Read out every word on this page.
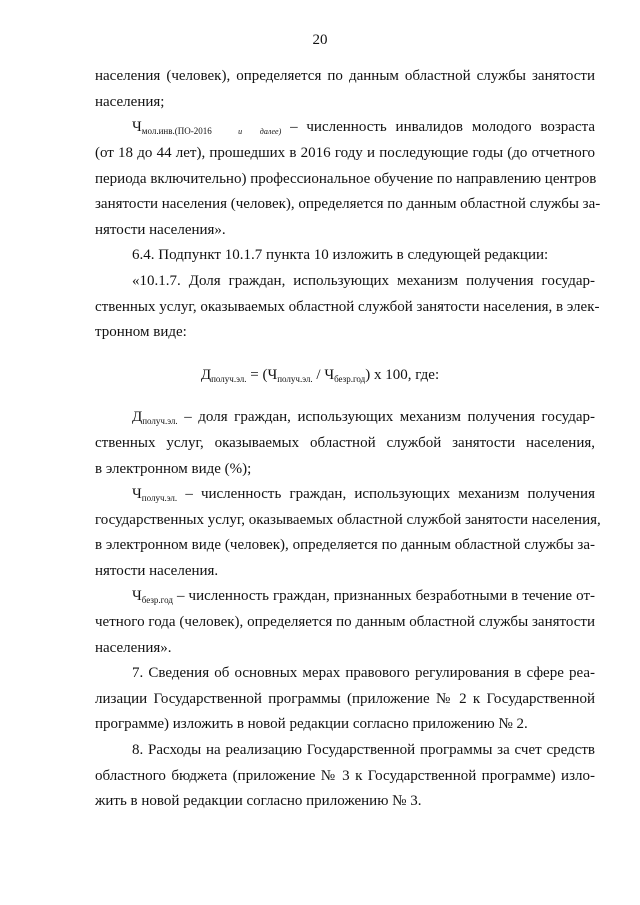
20
населения (человек), определяется по данным областной службы занятости
населения;
$Ч_{мол.инв.(ПО-2016}$	$_и$ $_{далее)}$ – численность инвалидов молодого возраста
(от 18 до 44 лет), прошедших в 2016 году и последующие годы (до отчетного
периода включительно) профессиональное обучение по направлению центров
занятости населения (человек), определяется по данным областной службы за-
нятости населения».
6.4. Подпункт 10.1.7 пункта 10 изложить в следующей редакции:
«10.1.7. Доля граждан, использующих механизм получения государ-
ственных услуг, оказываемых областной службой занятости населения, в элек-
тронном виде:
$Д_{получ.эл.} = (Ч_{получ.эл.} / Ч_{безр.год})$ х 100, где:
$Д_{получ.эл.}$ – доля граждан, использующих механизм получения государ-
ственных услуг, оказываемых областной службой занятости населения,
в электронном виде (%);
$Ч_{получ.эл.}$ – численность граждан, использующих механизм получения
государственных услуг, оказываемых областной службой занятости населения,
в электронном виде (человек), определяется по данным областной службы за-
нятости населения.
$Ч_{безр.год}$ – численность граждан, признанных безработными в течение от-
четного года (человек), определяется по данным областной службы занятости
населения».
7. Сведения об основных мерах правового регулирования в сфере реа-
лизации Государственной программы (приложение № 2 к Государственной
программе) изложить в новой редакции согласно приложению № 2.
8. Расходы на реализацию Государственной программы за счет средств
областного бюджета (приложение № 3 к Государственной программе) изло-
жить в новой редакции согласно приложению № 3.
